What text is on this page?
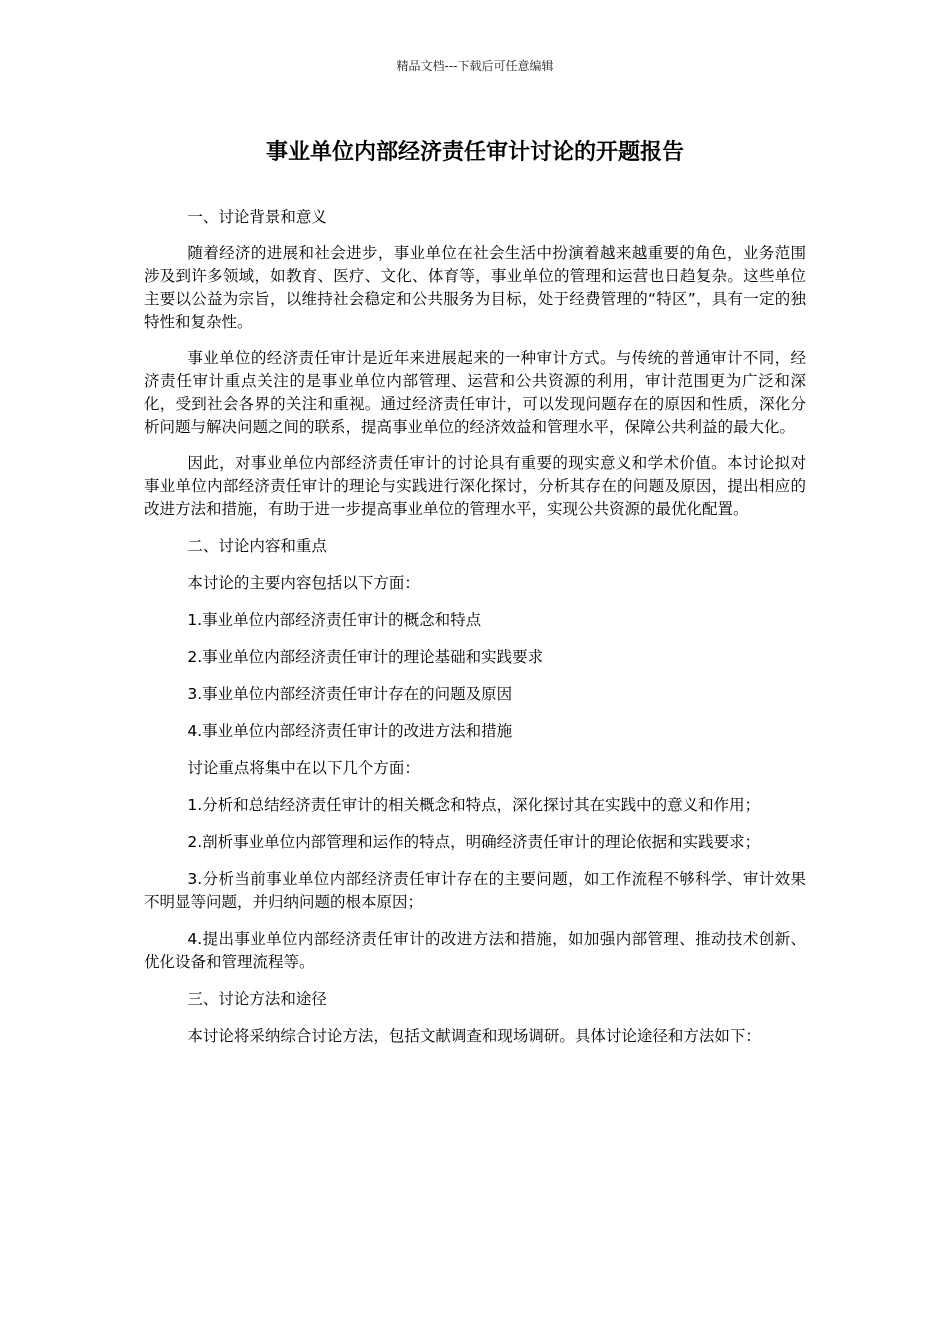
精品文档---下载后可任意编辑
事业单位内部经济责任审计讨论的开题报告

一、讨论背景和意义

随着经济的进展和社会进步，事业单位在社会生活中扮演着越来越重要的角色，业务范围涉及到许多领域，如教育、医疗、文化、体育等，事业单位的管理和运营也日趋复杂。这些单位主要以公益为宗旨，以维持社会稳定和公共服务为目标，处于经费管理的“特区”，具有一定的独特性和复杂性。

事业单位的经济责任审计是近年来进展起来的一种审计方式。与传统的普通审计不同，经济责任审计重点关注的是事业单位内部管理、运营和公共资源的利用，审计范围更为广泛和深化，受到社会各界的关注和重视。通过经济责任审计，可以发现问题存在的原因和性质，深化分析问题与解决问题之间的联系，提高事业单位的经济效益和管理水平，保障公共利益的最大化。

因此，对事业单位内部经济责任审计的讨论具有重要的现实意义和学术价值。本讨论拟对事业单位内部经济责任审计的理论与实践进行深化探讨，分析其存在的问题及原因，提出相应的改进方法和措施，有助于进一步提高事业单位的管理水平，实现公共资源的最优化配置。

二、讨论内容和重点

本讨论的主要内容包括以下方面：

1.事业单位内部经济责任审计的概念和特点

2.事业单位内部经济责任审计的理论基础和实践要求

3.事业单位内部经济责任审计存在的问题及原因

4.事业单位内部经济责任审计的改进方法和措施

讨论重点将集中在以下几个方面：

1.分析和总结经济责任审计的相关概念和特点，深化探讨其在实践中的意义和作用；

2.剖析事业单位内部管理和运作的特点，明确经济责任审计的理论依据和实践要求；

3.分析当前事业单位内部经济责任审计存在的主要问题，如工作流程不够科学、审计效果不明显等问题，并归纳问题的根本原因；

4.提出事业单位内部经济责任审计的改进方法和措施，如加强内部管理、推动技术创新、优化设备和管理流程等。

三、讨论方法和途径

本讨论将采纳综合讨论方法，包括文献调查和现场调研。具体讨论途径和方法如下：
